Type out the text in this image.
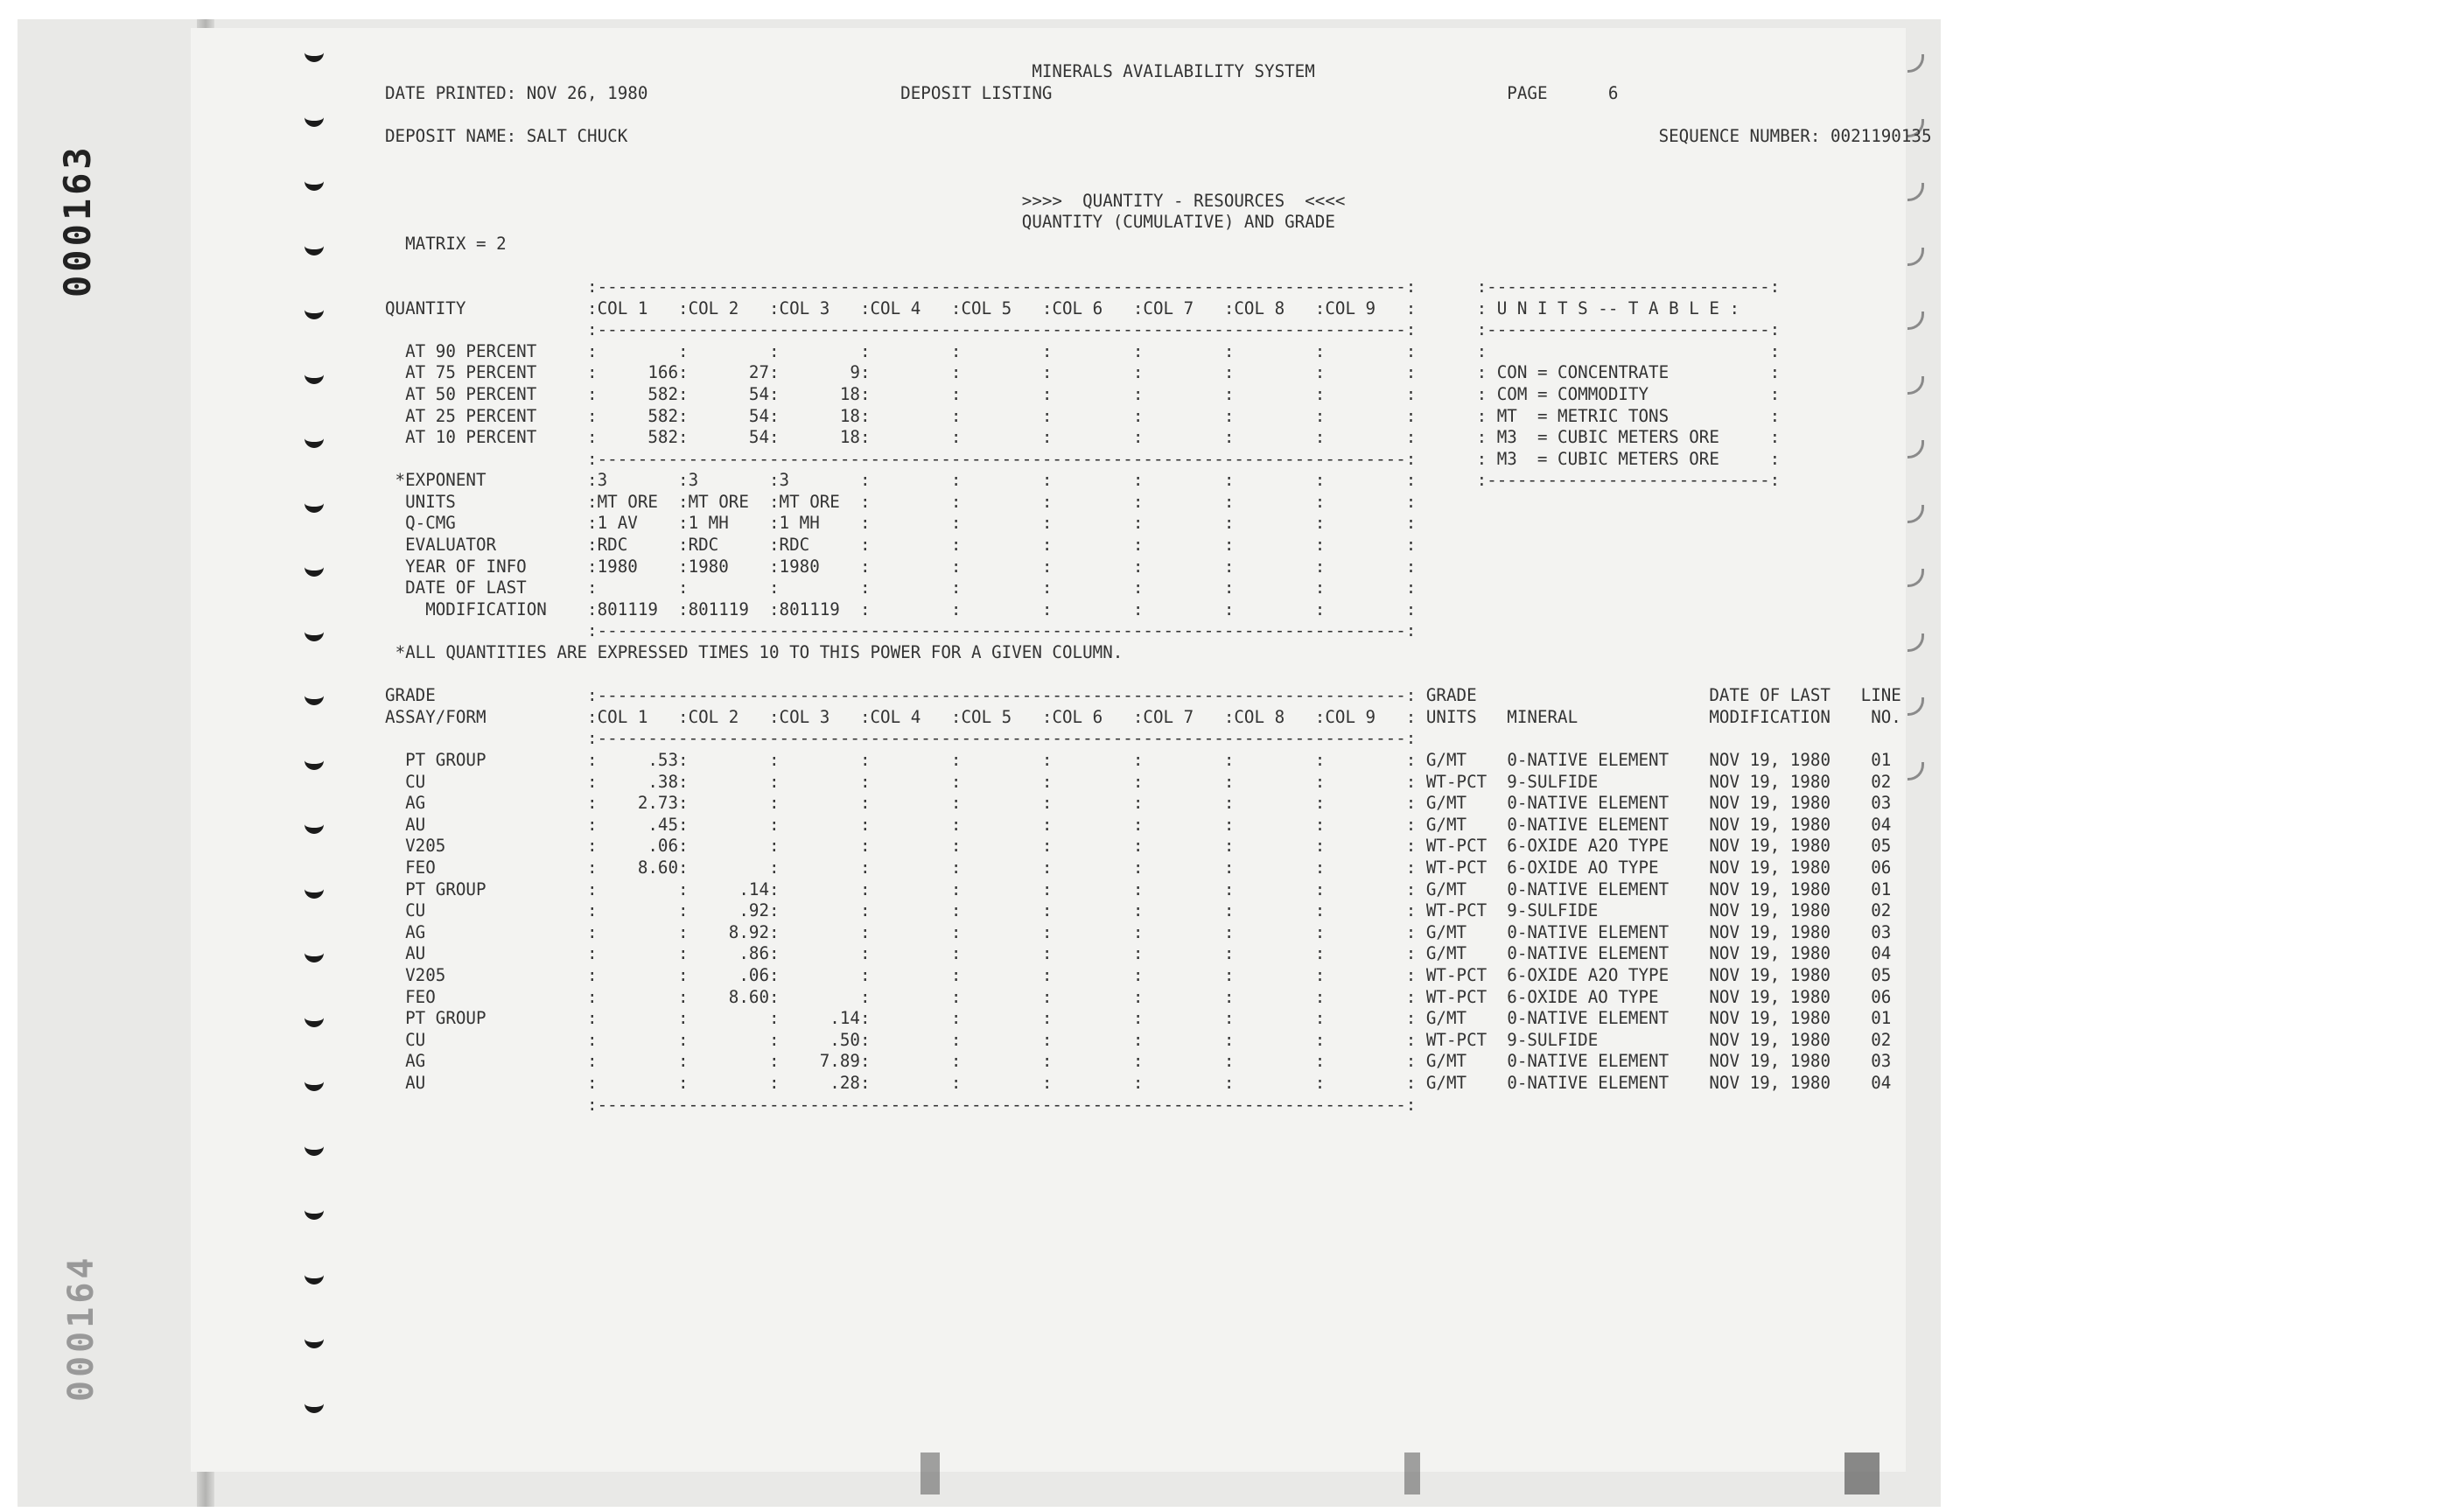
000163
000164
MINERALS AVAILABILITY SYSTEM
DATE PRINTED: NOV 26, 1980	DEPOSIT LISTING	PAGE	6
DEPOSIT NAME: SALT CHUCK	SEQUENCE NUMBER: 0021190135
>>>>  QUANTITY - RESOURCES  <<<<
QUANTITY (CUMULATIVE) AND GRADE
MATRIX = 2
:--------------------------------------------------------------------------------:	:----------------------------:
QUANTITY            :COL 1   :COL 2   :COL 3   :COL 4   :COL 5   :COL 6   :COL 7   :COL 8   :COL 9   :	: U N I T S -- T A B L E :
:--------------------------------------------------------------------------------:	:----------------------------:
AT 90 PERCENT     :        :        :        :        :        :        :        :        :        :	:                            :
AT 75 PERCENT     :     166:      27:       9:        :        :        :        :        :        :	: CON = CONCENTRATE          :
AT 50 PERCENT     :     582:      54:      18:        :        :        :        :        :        :	: COM = COMMODITY            :
AT 25 PERCENT     :     582:      54:      18:        :        :        :        :        :        :	: MT  = METRIC TONS          :
AT 10 PERCENT     :     582:      54:      18:        :        :        :        :        :        :	: M3  = CUBIC METERS ORE     :
:--------------------------------------------------------------------------------:	: M3  = CUBIC METERS ORE     :
*EXPONENT          :3       :3       :3       :        :        :        :        :        :        :      :----------------------------:
UNITS             :MT ORE  :MT ORE  :MT ORE  :        :        :        :        :        :        :
Q-CMG             :1 AV    :1 MH    :1 MH    :        :        :        :        :        :        :
EVALUATOR         :RDC     :RDC     :RDC     :        :        :        :        :        :        :
YEAR OF INFO      :1980    :1980    :1980    :        :        :        :        :        :        :
DATE OF LAST      :        :        :        :        :        :        :        :        :        :
MODIFICATION    :801119  :801119  :801119  :        :        :        :        :        :        :
:--------------------------------------------------------------------------------:
*ALL QUANTITIES ARE EXPRESSED TIMES 10 TO THIS POWER FOR A GIVEN COLUMN.
GRADE               :--------------------------------------------------------------------------------: GRADE	DATE OF LAST   LINE
ASSAY/FORM          :COL 1   :COL 2   :COL 3   :COL 4   :COL 5   :COL 6   :COL 7   :COL 8   :COL 9   : UNITS   MINERAL             MODIFICATION    NO.
:--------------------------------------------------------------------------------:
PT GROUP          :     .53:        :        :        :        :        :        :        :        : G/MT 0-NATIVE ELEMENT NOV 19, 1980 01
CU                :     .38:        :        :        :        :        :        :        :        : WT-PCT 9-SULFIDE	NOV 19, 1980 02
AG                :    2.73:        :        :        :        :        :        :        :        : G/MT 0-NATIVE ELEMENT NOV 19, 1980 03
AU                :     .45:        :        :        :        :        :        :        :        : G/MT 0-NATIVE ELEMENT NOV 19, 1980 04
V205              :     .06:        :        :        :        :        :        :        :        : WT-PCT 6-OXIDE A2O TYPE NOV 19, 1980 05
FEO               :    8.60:        :        :        :        :        :        :        :        : WT-PCT 6-OXIDE AO TYPE	NOV 19, 1980 06
PT GROUP          :        :     .14:        :        :        :        :        :        :        : G/MT 0-NATIVE ELEMENT NOV 19, 1980 01
CU                :        :     .92:        :        :        :        :        :        :        : WT-PCT 9-SULFIDE	NOV 19, 1980 02
AG                :        :    8.92:        :        :        :        :        :        :        : G/MT 0-NATIVE ELEMENT NOV 19, 1980 03
AU                :        :     .86:        :        :        :        :        :        :        : G/MT 0-NATIVE ELEMENT NOV 19, 1980 04
V205              :        :     .06:        :        :        :        :        :        :        : WT-PCT 6-OXIDE A2O TYPE NOV 19, 1980 05
FEO               :        :    8.60:        :        :        :        :        :        :        : WT-PCT 6-OXIDE AO TYPE	NOV 19, 1980 06
PT GROUP          :        :        :     .14:        :        :        :        :        :        : G/MT 0-NATIVE ELEMENT NOV 19, 1980 01
CU                :        :        :     .50:        :        :        :        :        :        : WT-PCT 9-SULFIDE	NOV 19, 1980 02
AG                :        :        :    7.89:        :        :        :        :        :        : G/MT 0-NATIVE ELEMENT NOV 19, 1980 03
AU                :        :        :     .28:        :        :        :        :        :        : G/MT 0-NATIVE ELEMENT NOV 19, 1980 04
:--------------------------------------------------------------------------------:
